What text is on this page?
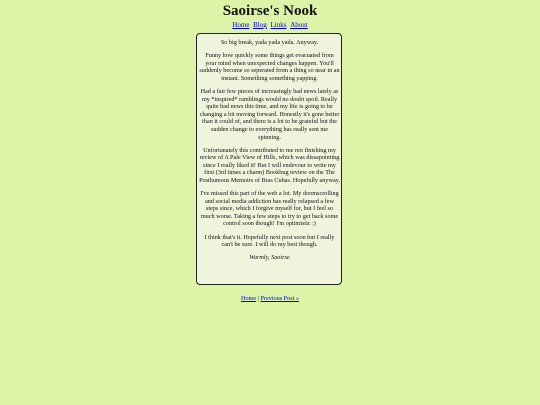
Saoirse's Nook
Home Blog Links About

So big break, yada yada yada. Anyway.

Funny how quickly some things get evacuated from your mind when unexpected changes happen. You'll suddenly become so seperated from a thing so near in an instant. Something something yapping.

Had a fair few pieces of increasingly bad news lately as my *inspired* ramblings would no doubt spoil. Really quite bad news this time, and my life is going to be changing a bit moving forward. Honestly it's gone better than it could of, and there is a lot to be grateful but the sudden change to everything has really sent me spinning.

Unfortunately this contributed to me not finishing my review of A Pale View of Hills, which was dissapointing since I really liked it! But I will endevour to write my first (3rd times a charm) Bookbug review on the The Posthumous Memoirs of Bras Cubas. Hopefully anyway.

I've missed this part of the web a lot. My doomscrolling and social media addiction has really relapsed a few steps since, which I forgive myself for, but I feel so much worse. Taking a few steps to try to get back some control soon though! I'm optimistic :)

I think that's it. Hopefully next post soon but I really can't be sure. I will do my best though.

Warmly, Saoirse

Home | Previous Post »
